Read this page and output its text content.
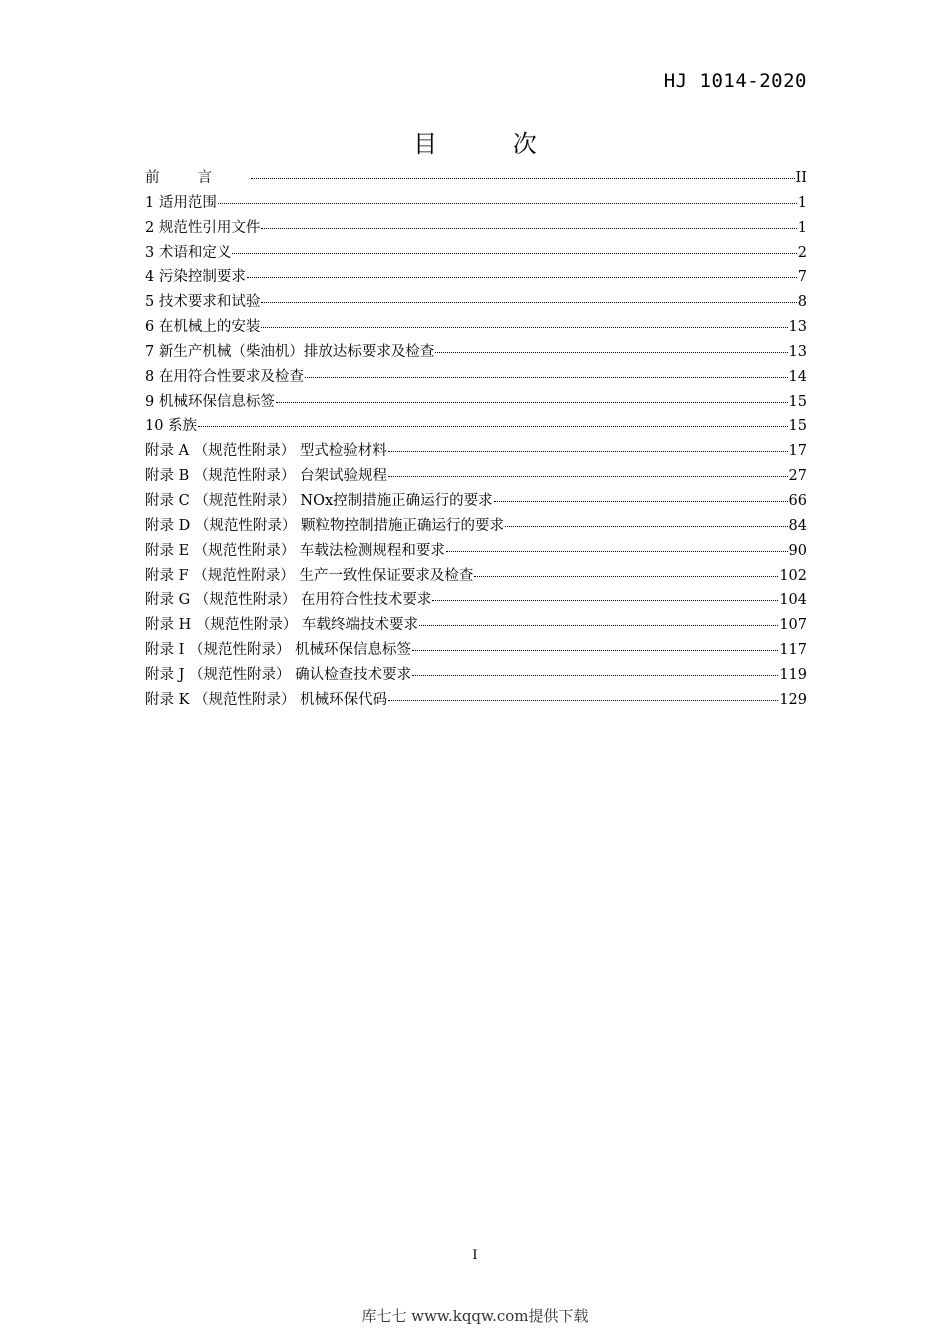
HJ 1014-2020
目 次
前言	II
1 适用范围	1
2 规范性引用文件	1
3 术语和定义	2
4 污染控制要求	7
5 技术要求和试验	8
6 在机械上的安装	13
7 新生产机械（柴油机）排放达标要求及检查	13
8 在用符合性要求及检查	14
9 机械环保信息标签	15
10 系族	15
附录 A （规范性附录） 型式检验材料	17
附录 B （规范性附录） 台架试验规程	27
附录 C （规范性附录） NOx控制措施正确运行的要求	66
附录 D （规范性附录） 颗粒物控制措施正确运行的要求	84
附录 E （规范性附录） 车载法检测规程和要求	90
附录 F （规范性附录） 生产一致性保证要求及检查	102
附录 G （规范性附录） 在用符合性技术要求	104
附录 H （规范性附录） 车载终端技术要求	107
附录 I （规范性附录） 机械环保信息标签	117
附录 J （规范性附录） 确认检查技术要求	119
附录 K （规范性附录） 机械环保代码	129
I
库七七 www.kqqw.com提供下载
